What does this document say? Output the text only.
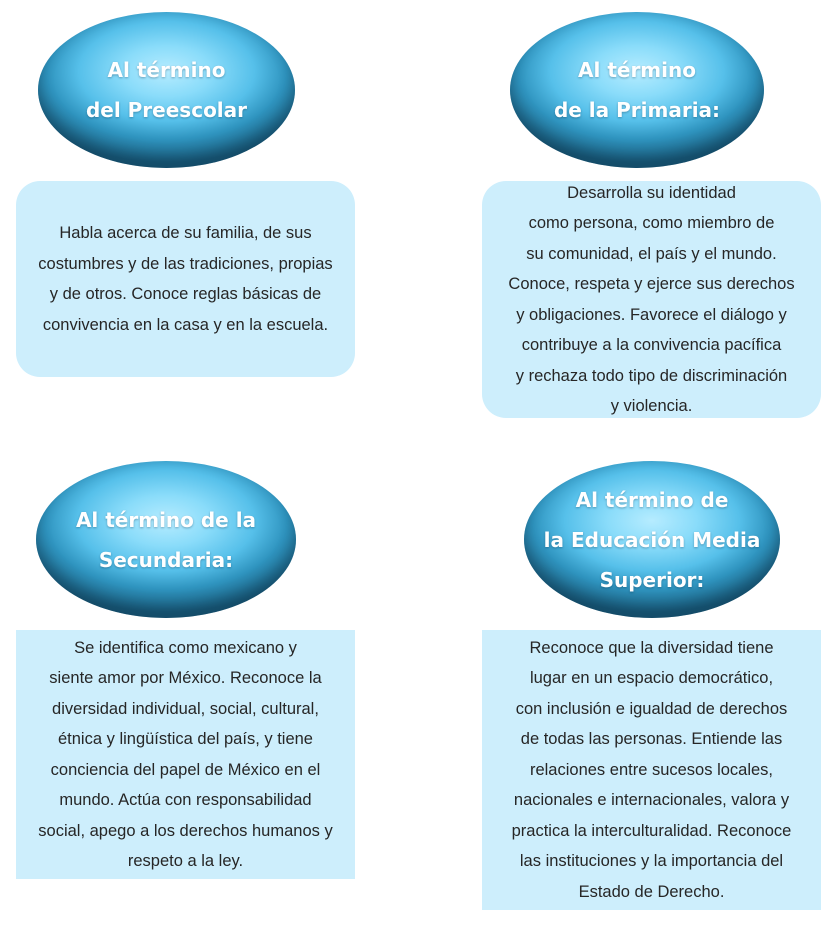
Al término
del Preescolar
Habla acerca de su familia, de sus
costumbres y de las tradiciones, propias
y de otros. Conoce reglas básicas de
convivencia en la casa y en la escuela.
Al término
de la Primaria:
Desarrolla su identidad
como persona, como miembro de
su comunidad, el país y el mundo.
Conoce, respeta y ejerce sus derechos
y obligaciones. Favorece el diálogo y
contribuye a la convivencia pacífica
y rechaza todo tipo de discriminación
y violencia.
Al término de la
Secundaria:
Se identifica como mexicano y
siente amor por México. Reconoce la
diversidad individual, social, cultural,
étnica y lingüística del país, y tiene
conciencia del papel de México en el
mundo. Actúa con responsabilidad
social, apego a los derechos humanos y
respeto a la ley.
Al término de
la Educación Media
Superior:
Reconoce que la diversidad tiene
lugar en un espacio democrático,
con inclusión e igualdad de derechos
de todas las personas. Entiende las
relaciones entre sucesos locales,
nacionales e internacionales, valora y
practica la interculturalidad. Reconoce
las instituciones y la importancia del
Estado de Derecho.
